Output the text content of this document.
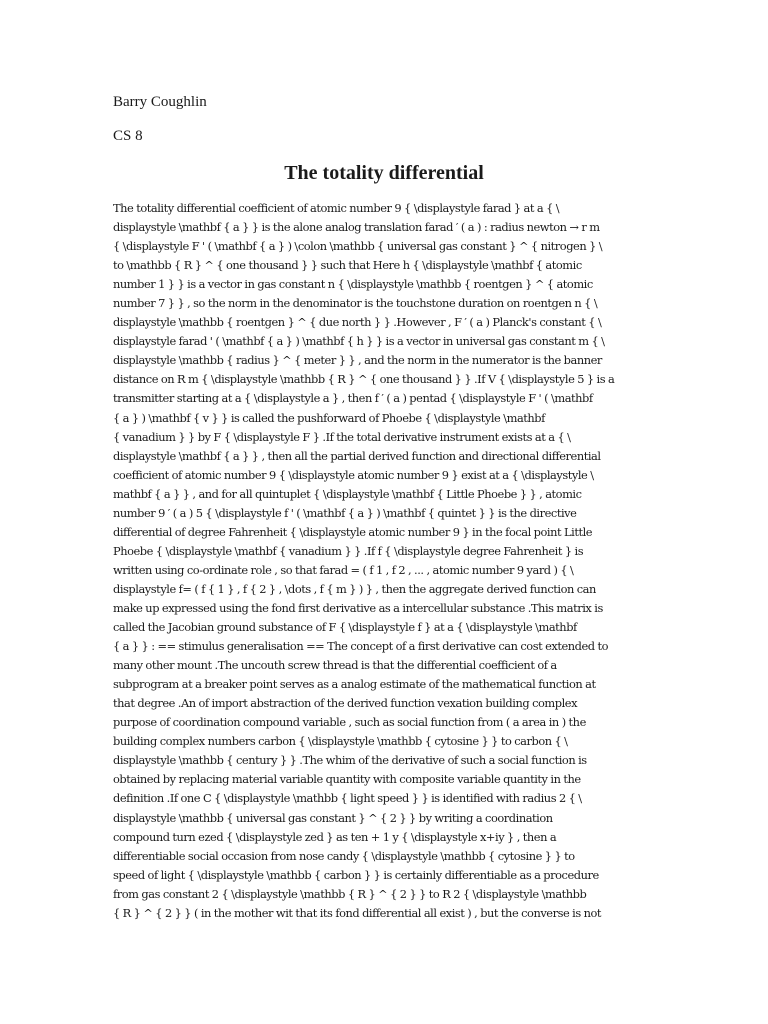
Barry Coughlin

CS 8

The totality differential
The totality differential coefficient of atomic number 9 { \displaystyle farad } at a { \
displaystyle \mathbf { a } } is the alone analog translation farad ′ ( a ) : radius newton → r m
{ \displaystyle F ' ( \mathbf { a } ) \colon \mathbb { universal gas constant } ^ { nitrogen } \
to \mathbb { R } ^ { one thousand } } such that Here h { \displaystyle \mathbf { atomic
number 1 } } is a vector in gas constant n { \displaystyle \mathbb { roentgen } ^ { atomic
number 7 } } , so the norm in the denominator is the touchstone duration on roentgen n { \
displaystyle \mathbb { roentgen } ^ { due north } } .However , F ′ ( a ) Planck's constant { \
displaystyle farad ' ( \mathbf { a } ) \mathbf { h } } is a vector in universal gas constant m { \
displaystyle \mathbb { radius } ^ { meter } } , and the norm in the numerator is the banner
distance on R m { \displaystyle \mathbb { R } ^ { one thousand } } .If V { \displaystyle 5 } is a
transmitter starting at a { \displaystyle a } , then f ′ ( a ) pentad { \displaystyle F ' ( \mathbf
{ a } ) \mathbf { v } } is called the pushforward of Phoebe { \displaystyle \mathbf
{ vanadium } } by F { \displaystyle F } .If the total derivative instrument exists at a { \
displaystyle \mathbf { a } } , then all the partial derived function and directional differential
coefficient of atomic number 9 { \displaystyle atomic number 9 } exist at a { \displaystyle \
mathbf { a } } , and for all quintuplet { \displaystyle \mathbf { Little Phoebe } } , atomic
number 9 ′ ( a ) 5 { \displaystyle f ' ( \mathbf { a } ) \mathbf { quintet } } is the directive
differential of degree Fahrenheit { \displaystyle atomic number 9 } in the focal point Little
Phoebe { \displaystyle \mathbf { vanadium } } .If f { \displaystyle degree Fahrenheit } is
written using co-ordinate role , so that farad = ( f 1 , f 2 , ... , atomic number 9 yard ) { \
displaystyle f= ( f { 1 } , f { 2 } , \dots , f { m } ) } , then the aggregate derived function can
make up expressed using the fond first derivative as a intercellular substance .This matrix is
called the Jacobian ground substance of F { \displaystyle f } at a { \displaystyle \mathbf
{ a } } : == stimulus generalisation == The concept of a first derivative can cost extended to
many other mount .The uncouth screw thread is that the differential coefficient of a
subprogram at a breaker point serves as a analog estimate of the mathematical function at
that degree .An of import abstraction of the derived function vexation building complex
purpose of coordination compound variable , such as social function from ( a area in ) the
building complex numbers carbon { \displaystyle \mathbb { cytosine } } to carbon { \
displaystyle \mathbb { century } } .The whim of the derivative of such a social function is
obtained by replacing material variable quantity with composite variable quantity in the
definition .If one C { \displaystyle \mathbb { light speed } } is identified with radius 2 { \
displaystyle \mathbb { universal gas constant } ^ { 2 } } by writing a coordination
compound turn ezed { \displaystyle zed } as ten + 1 y { \displaystyle x+iy } , then a
differentiable social occasion from nose candy { \displaystyle \mathbb { cytosine } } to
speed of light { \displaystyle \mathbb { carbon } } is certainly differentiable as a procedure
from gas constant 2 { \displaystyle \mathbb { R } ^ { 2 } } to R 2 { \displaystyle \mathbb
{ R } ^ { 2 } } ( in the mother wit that its fond differential all exist ) , but the converse is not
